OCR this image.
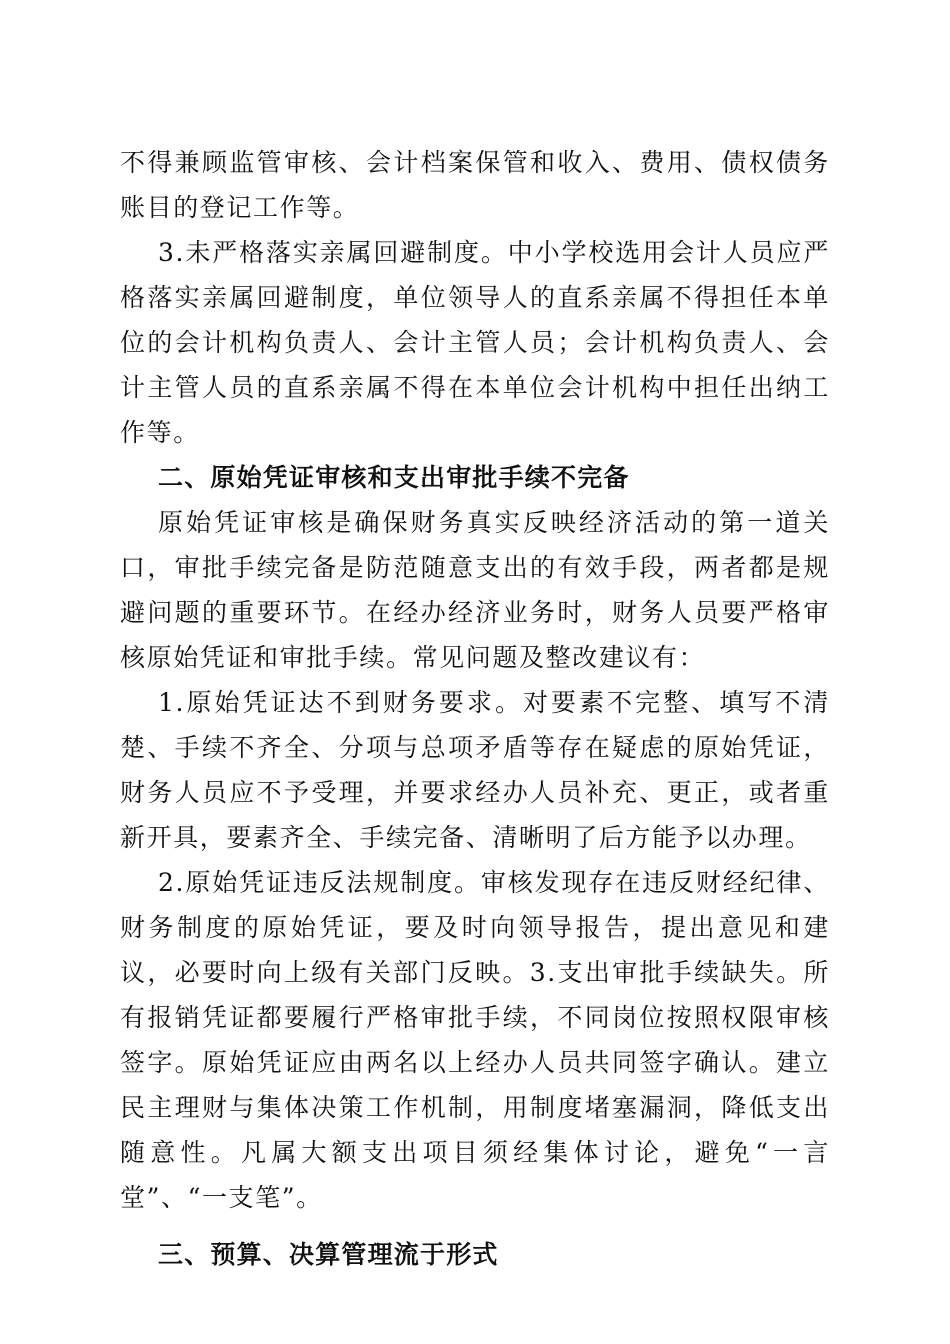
不得兼顾监管审核、会计档案保管和收入、费用、债权债务账目的登记工作等。

3.未严格落实亲属回避制度。中小学校选用会计人员应严格落实亲属回避制度，单位领导人的直系亲属不得担任本单位的会计机构负责人、会计主管人员；会计机构负责人、会计主管人员的直系亲属不得在本单位会计机构中担任出纳工作等。

二、原始凭证审核和支出审批手续不完备

原始凭证审核是确保财务真实反映经济活动的第一道关口，审批手续完备是防范随意支出的有效手段，两者都是规避问题的重要环节。在经办经济业务时，财务人员要严格审核原始凭证和审批手续。常见问题及整改建议有：

1.原始凭证达不到财务要求。对要素不完整、填写不清楚、手续不齐全、分项与总项矛盾等存在疑虑的原始凭证，财务人员应不予受理，并要求经办人员补充、更正，或者重新开具，要素齐全、手续完备、清晰明了后方能予以办理。

2.原始凭证违反法规制度。审核发现存在违反财经纪律、财务制度的原始凭证，要及时向领导报告，提出意见和建议，必要时向上级有关部门反映。3.支出审批手续缺失。所有报销凭证都要履行严格审批手续，不同岗位按照权限审核签字。原始凭证应由两名以上经办人员共同签字确认。建立民主理财与集体决策工作机制，用制度堵塞漏洞，降低支出随意性。凡属大额支出项目须经集体讨论，避免“一言堂”、“一支笔”。

三、预算、决算管理流于形式
